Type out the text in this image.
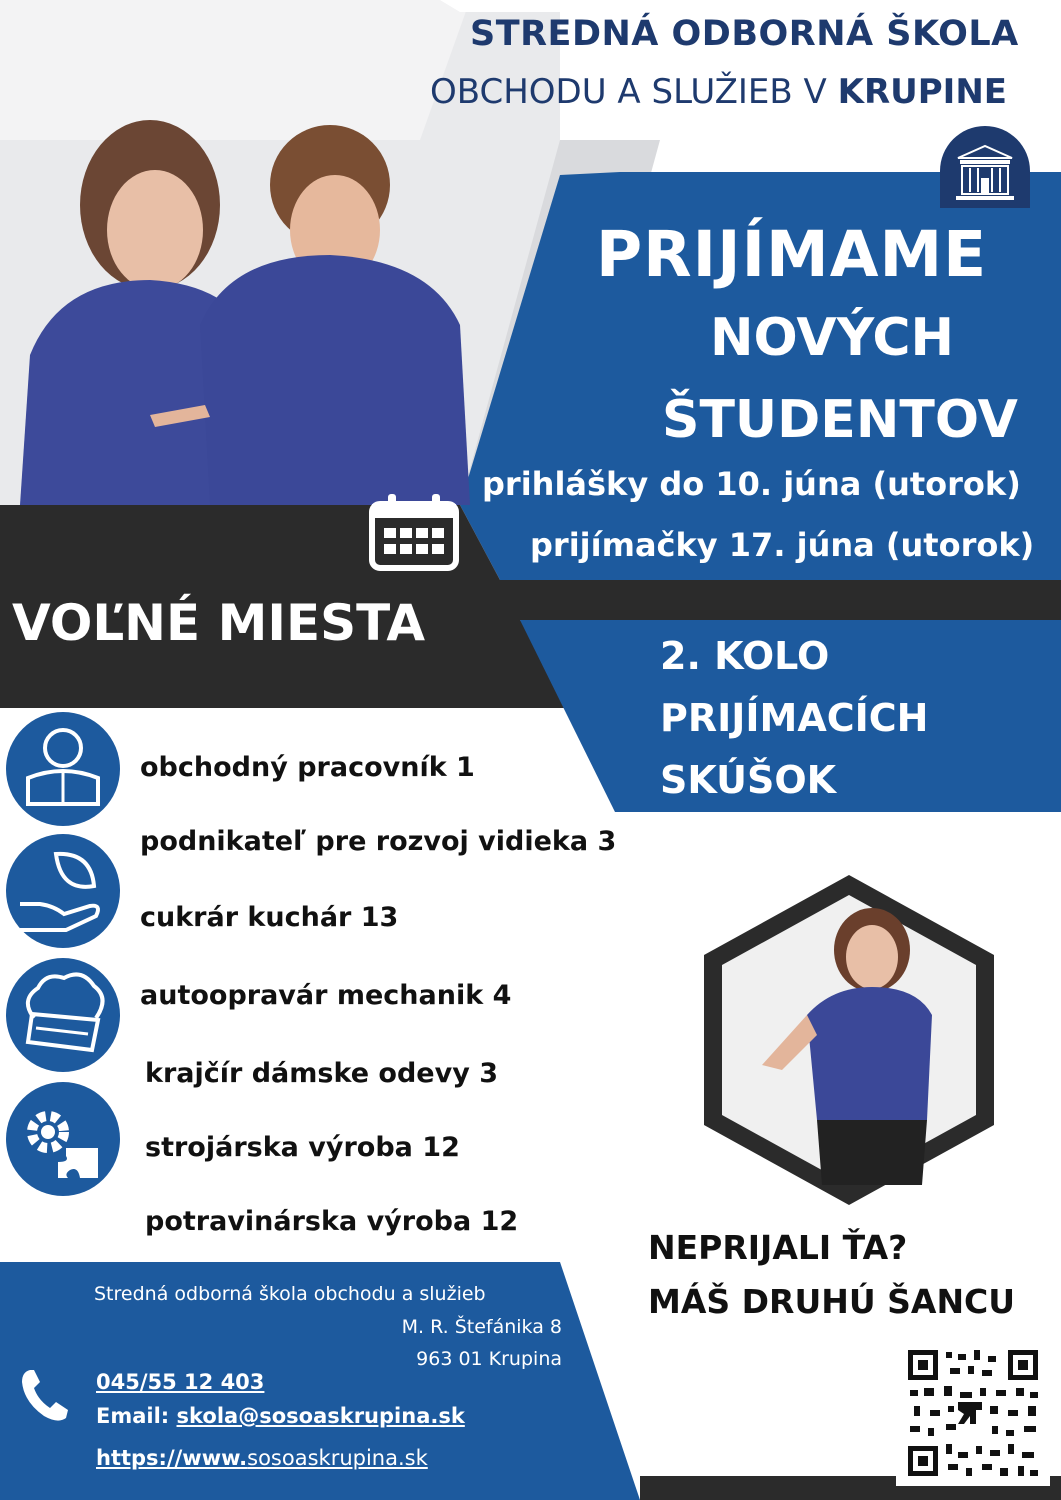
STREDNÁ ODBORNÁ ŠKOLA
OBCHODU A SLUŽIEB V KRUPINE
PRIJÍMAME
NOVÝCH
ŠTUDENTOV
prihlášky do 10. júna (utorok)
prijímačky 17. júna (utorok)
VOĽNÉ MIESTA
2. KOLO
PRIJÍMACÍCH
SKÚŠOK
obchodný pracovník 1
podnikateľ pre rozvoj vidieka 3
cukrár kuchár 13
autoopravár mechanik 4
krajčír dámske odevy 3
strojárska výroba 12
potravinárska výroba 12
NEPRIJALI ŤA?
MÁŠ DRUHÚ ŠANCU
Stredná odborná škola obchodu a služieb
M. R. Štefánika 8
963 01 Krupina
045/55 12 403
Email: skola@sosoaskrupina.sk
https://www.sosoaskrupina.sk
